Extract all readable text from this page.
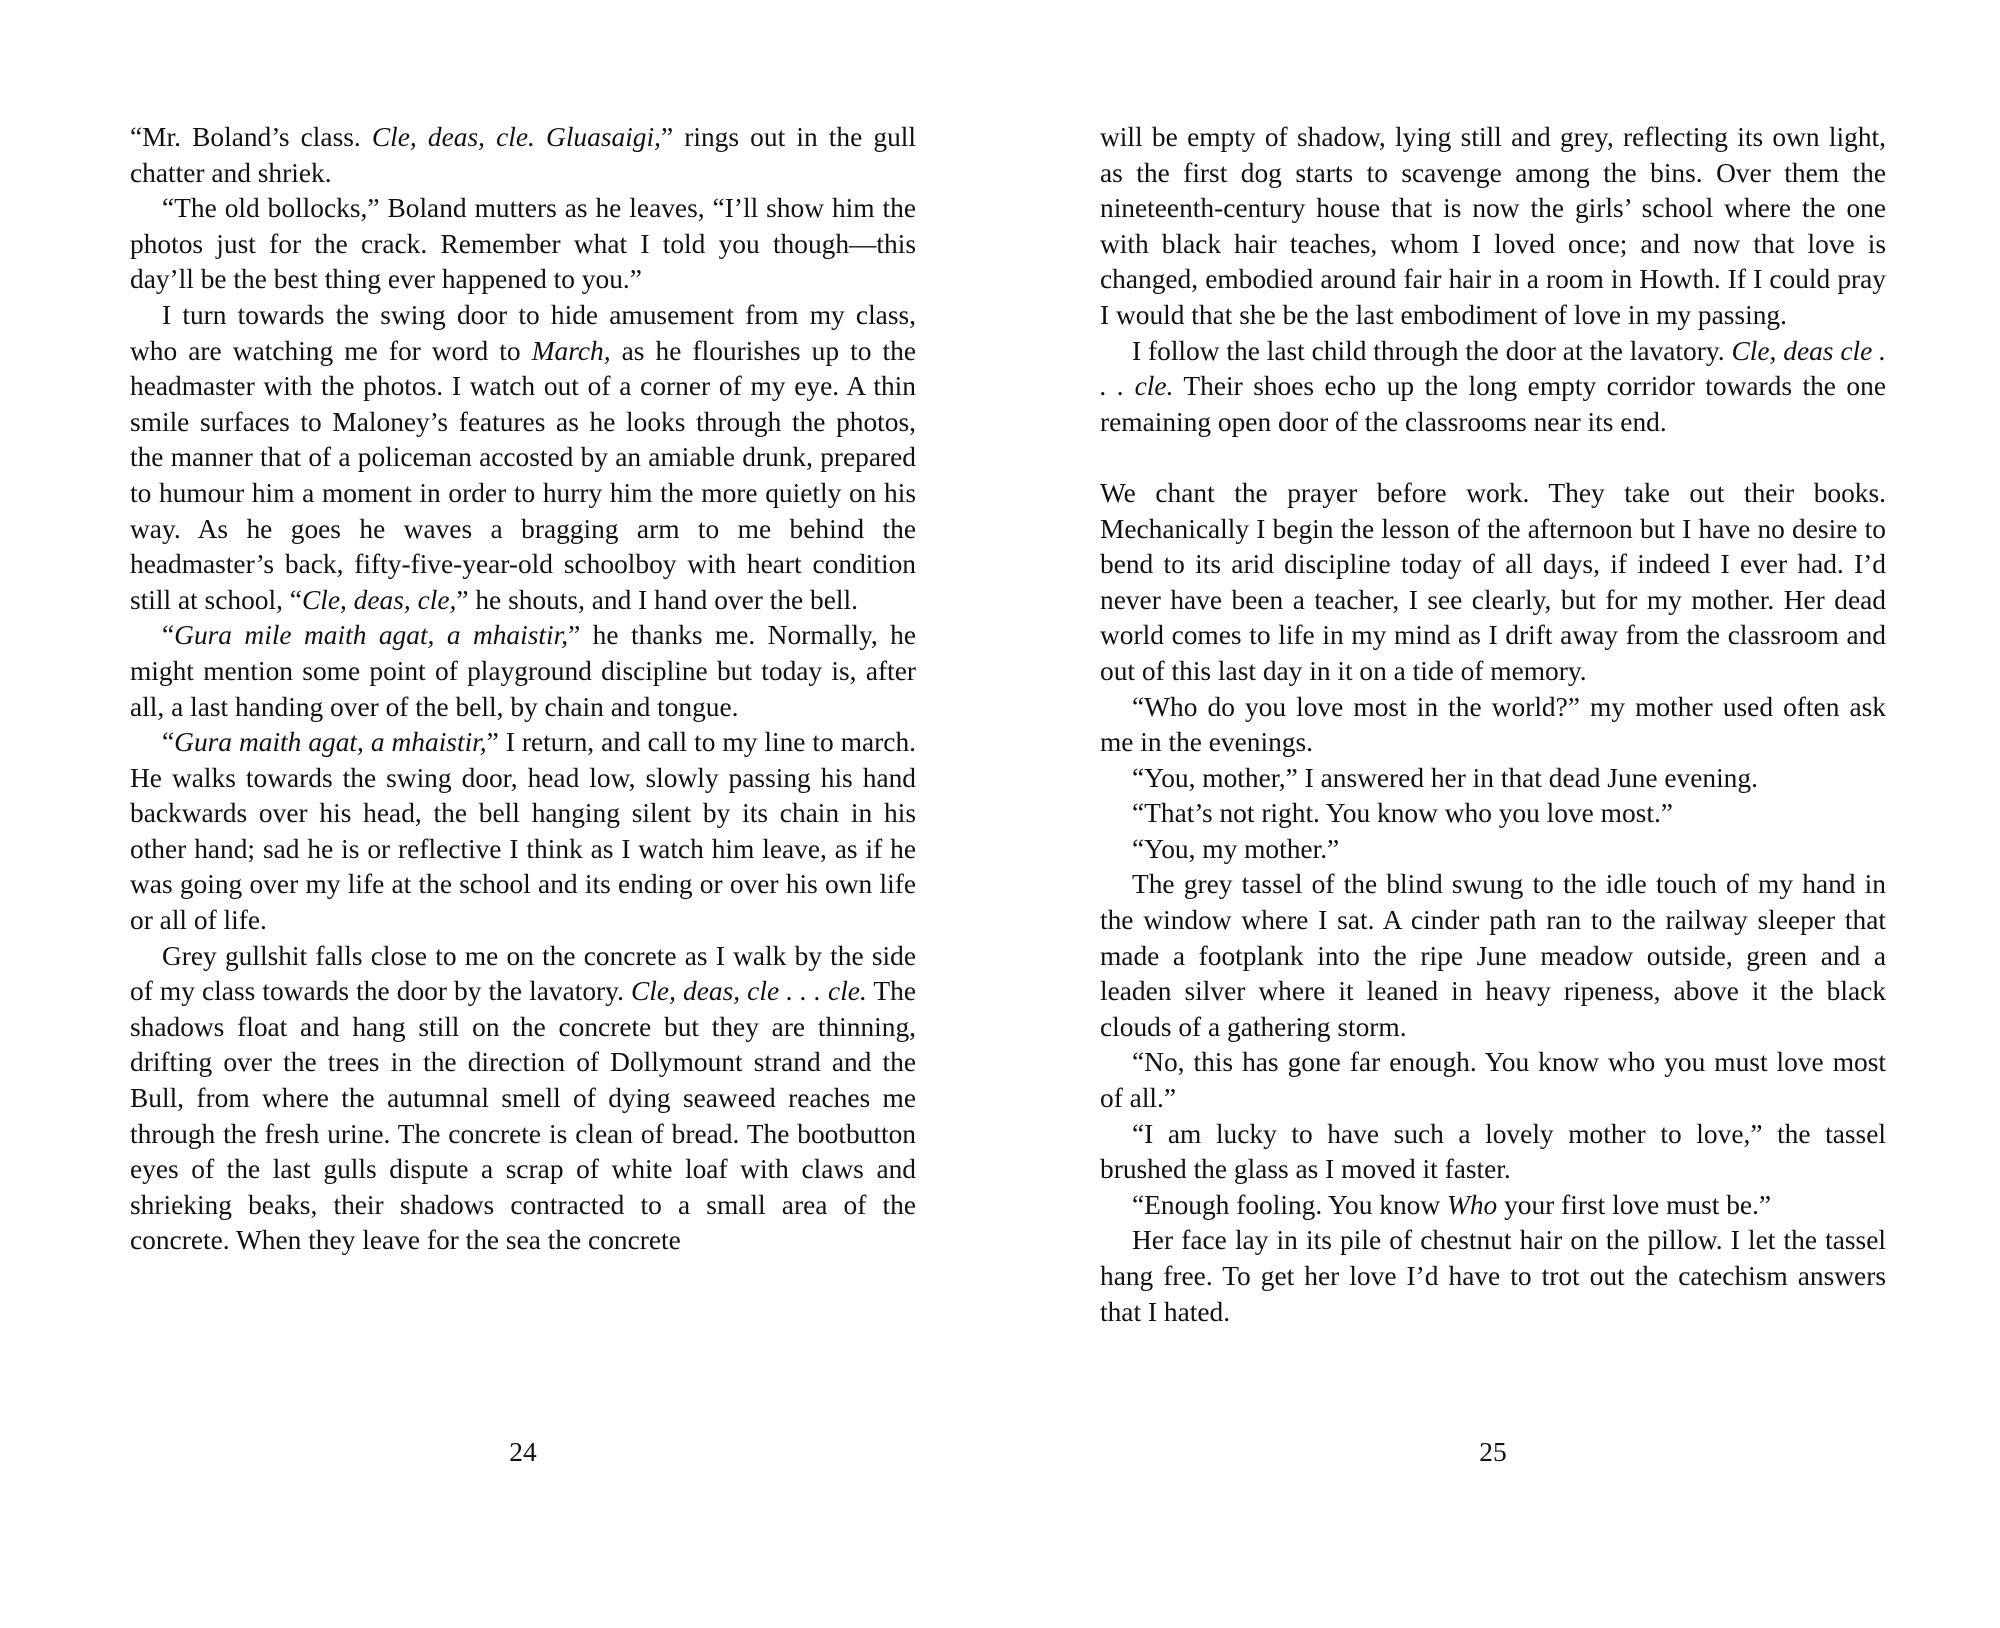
“Mr. Boland’s class. Cle, deas, cle. Gluasaigi,” rings out in the gull chatter and shriek.

“The old bollocks,” Boland mutters as he leaves, “I’ll show him the photos just for the crack. Remember what I told you though—this day’ll be the best thing ever happened to you.”

I turn towards the swing door to hide amusement from my class, who are watching me for word to March, as he flourishes up to the headmaster with the photos. I watch out of a corner of my eye. A thin smile surfaces to Maloney’s features as he looks through the photos, the manner that of a policeman accosted by an amiable drunk, prepared to humour him a moment in order to hurry him the more quietly on his way. As he goes he waves a bragging arm to me behind the headmaster’s back, fifty-five-year-old schoolboy with heart condition still at school, “Cle, deas, cle,” he shouts, and I hand over the bell.

“Gura mile maith agat, a mhaistir,” he thanks me. Normally, he might mention some point of playground discipline but today is, after all, a last handing over of the bell, by chain and tongue.

“Gura maith agat, a mhaistir,” I return, and call to my line to march. He walks towards the swing door, head low, slowly passing his hand backwards over his head, the bell hanging silent by its chain in his other hand; sad he is or reflective I think as I watch him leave, as if he was going over my life at the school and its ending or over his own life or all of life.

Grey gullshit falls close to me on the concrete as I walk by the side of my class towards the door by the lavatory. Cle, deas, cle . . . cle. The shadows float and hang still on the concrete but they are thinning, drifting over the trees in the direction of Dollymount strand and the Bull, from where the autumnal smell of dying seaweed reaches me through the fresh urine. The concrete is clean of bread. The bootbutton eyes of the last gulls dispute a scrap of white loaf with claws and shrieking beaks, their shadows contracted to a small area of the concrete. When they leave for the sea the concrete

24

will be empty of shadow, lying still and grey, reflecting its own light, as the first dog starts to scavenge among the bins. Over them the nineteenth-century house that is now the girls’ school where the one with black hair teaches, whom I loved once; and now that love is changed, embodied around fair hair in a room in Howth. If I could pray I would that she be the last embodiment of love in my passing.

I follow the last child through the door at the lavatory. Cle, deas cle . . . cle. Their shoes echo up the long empty corridor towards the one remaining open door of the classrooms near its end.

We chant the prayer before work. They take out their books. Mechanically I begin the lesson of the afternoon but I have no desire to bend to its arid discipline today of all days, if indeed I ever had. I’d never have been a teacher, I see clearly, but for my mother. Her dead world comes to life in my mind as I drift away from the classroom and out of this last day in it on a tide of memory.

“Who do you love most in the world?” my mother used often ask me in the evenings.

“You, mother,” I answered her in that dead June evening.

“That’s not right. You know who you love most.”

“You, my mother.”

The grey tassel of the blind swung to the idle touch of my hand in the window where I sat. A cinder path ran to the railway sleeper that made a footplank into the ripe June meadow outside, green and a leaden silver where it leaned in heavy ripeness, above it the black clouds of a gathering storm.

“No, this has gone far enough. You know who you must love most of all.”

“I am lucky to have such a lovely mother to love,” the tassel brushed the glass as I moved it faster.

“Enough fooling. You know Who your first love must be.”

Her face lay in its pile of chestnut hair on the pillow. I let the tassel hang free. To get her love I’d have to trot out the catechism answers that I hated.

25
